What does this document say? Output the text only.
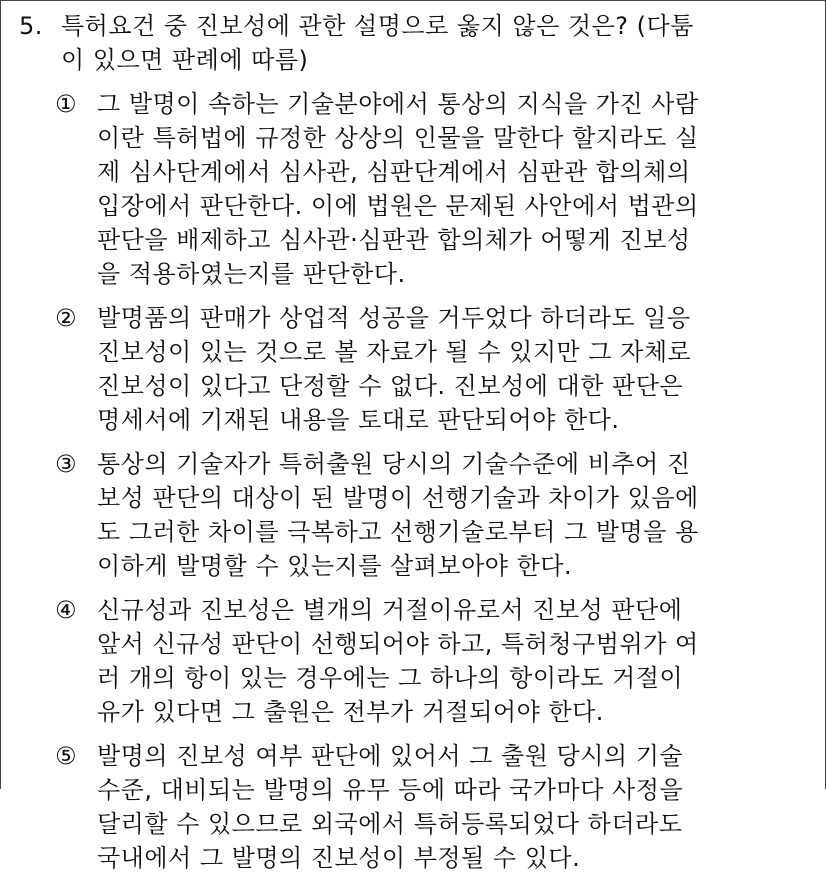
5. 특허요건 중 진보성에 관한 설명으로 옳지 않은 것은? (다툼
이 있으면 판례에 따름)
① 그 발명이 속하는 기술분야에서 통상의 지식을 가진 사람
이란 특허법에 규정한 상상의 인물을 말한다 할지라도 실
제 심사단계에서 심사관, 심판단계에서 심판관 합의체의
입장에서 판단한다. 이에 법원은 문제된 사안에서 법관의
판단을 배제하고 심사관·심판관 합의체가 어떻게 진보성
을 적용하였는지를 판단한다.
② 발명품의 판매가 상업적 성공을 거두었다 하더라도 일응
진보성이 있는 것으로 볼 자료가 될 수 있지만 그 자체로
진보성이 있다고 단정할 수 없다. 진보성에 대한 판단은
명세서에 기재된 내용을 토대로 판단되어야 한다.
③ 통상의 기술자가 특허출원 당시의 기술수준에 비추어 진
보성 판단의 대상이 된 발명이 선행기술과 차이가 있음에
도 그러한 차이를 극복하고 선행기술로부터 그 발명을 용
이하게 발명할 수 있는지를 살펴보아야 한다.
④ 신규성과 진보성은 별개의 거절이유로서 진보성 판단에
앞서 신규성 판단이 선행되어야 하고, 특허청구범위가 여
러 개의 항이 있는 경우에는 그 하나의 항이라도 거절이
유가 있다면 그 출원은 전부가 거절되어야 한다.
⑤ 발명의 진보성 여부 판단에 있어서 그 출원 당시의 기술
수준, 대비되는 발명의 유무 등에 따라 국가마다 사정을
달리할 수 있으므로 외국에서 특허등록되었다 하더라도
국내에서 그 발명의 진보성이 부정될 수 있다.
